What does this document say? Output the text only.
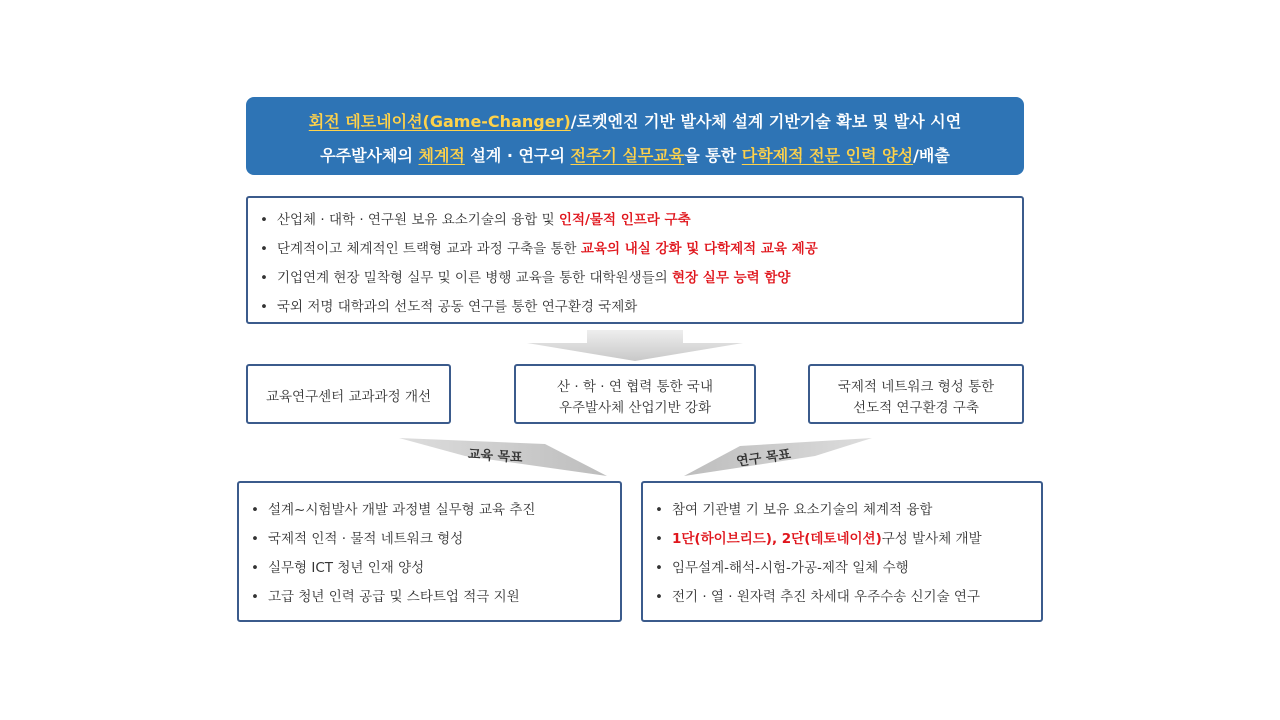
회전 데토네이션(Game-Changer)/로켓엔진 기반 발사체 설계 기반기술 확보 및 발사 시연
우주발사체의 체계적 설계 · 연구의 전주기 실무교육을 통한 다학제적 전문 인력 양성/배출
• 산업체 · 대학 · 연구원 보유 요소기술의 융합 및 인적/물적 인프라 구축
• 단계적이고 체계적인 트랙형 교과 과정 구축을 통한 교육의 내실 강화 및 다학제적 교육 제공
• 기업연계 현장 밀착형 실무 및 이른 병행 교육을 통한 대학원생들의 현장 실무 능력 함양
• 국외 저명 대학과의 선도적 공동 연구를 통한 연구환경 국제화
교육연구센터 교과과정 개선
산 · 학 · 연 협력 통한 국내
우주발사체 산업기반 강화
국제적 네트워크 형성 통한
선도적 연구환경 구축
교육 목표	연구 목표
• 설계~시험발사 개발 과정별 실무형 교육 추진
• 국제적 인적 · 물적 네트워크 형성
• 실무형 ICT 청년 인재 양성
• 고급 청년 인력 공급 및 스타트업 적극 지원
• 참여 기관별 기 보유 요소기술의 체계적 융합
• 1단(하이브리드), 2단(데토네이션)구성 발사체 개발
• 임무설계-해석-시험-가공-제작 일체 수행
• 전기 · 열 · 원자력 추진 차세대 우주수송 신기술 연구
